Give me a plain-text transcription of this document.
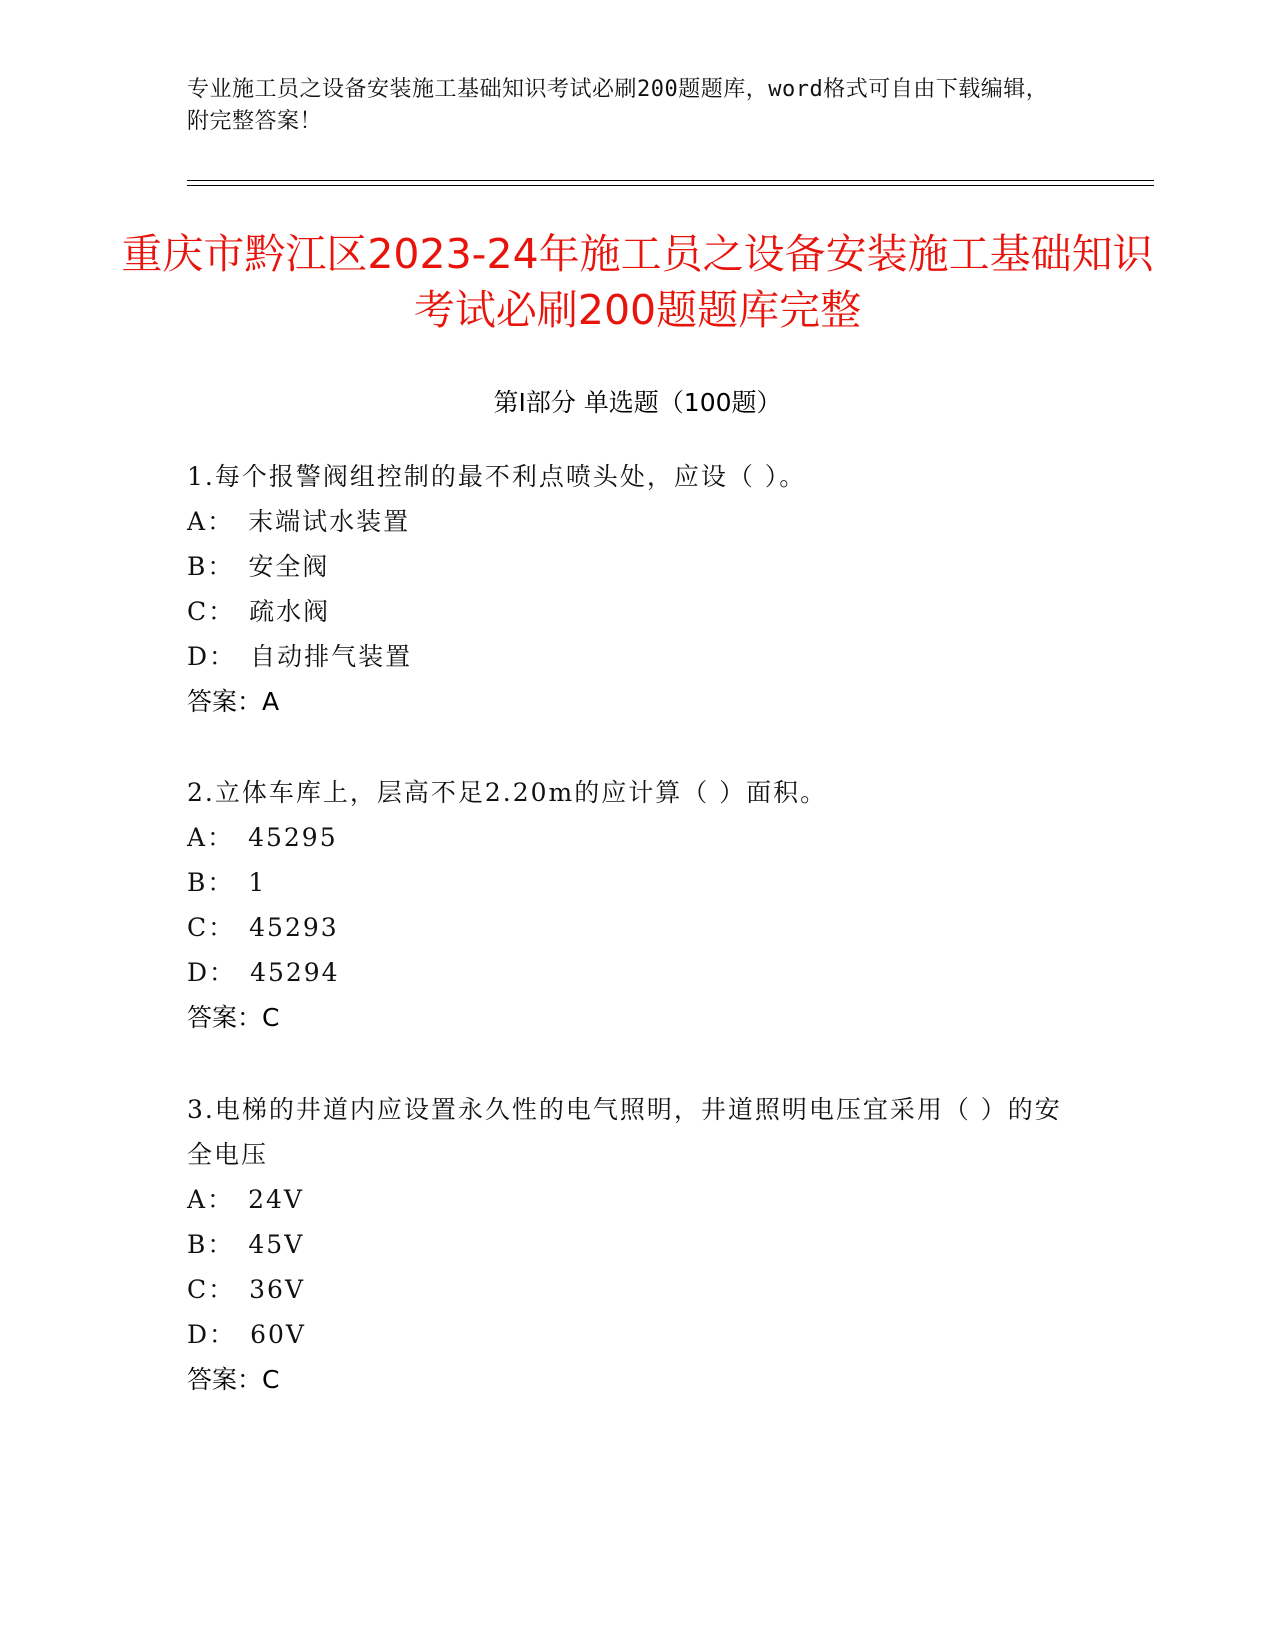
专业施工员之设备安装施工基础知识考试必刷200题题库，word格式可自由下载编辑，附完整答案！
重庆市黔江区2023-24年施工员之设备安装施工基础知识考试必刷200题题库完整
第I部分 单选题（100题）
1.每个报警阀组控制的最不利点喷头处，应设（ ）。
A ： 末端试水装置
B ： 安全阀
C ： 疏水阀
D ： 自动排气装置
答案：A
2.立体车库上，层高不足2.20m的应计算（ ）面积。
A ： 45295
B ： 1
C ： 45293
D ： 45294
答案：C
3.电梯的井道内应设置永久性的电气照明，井道照明电压宜采用（ ）的安全电压
A ： 24V
B ： 45V
C ： 36V
D ： 60V
答案：C
